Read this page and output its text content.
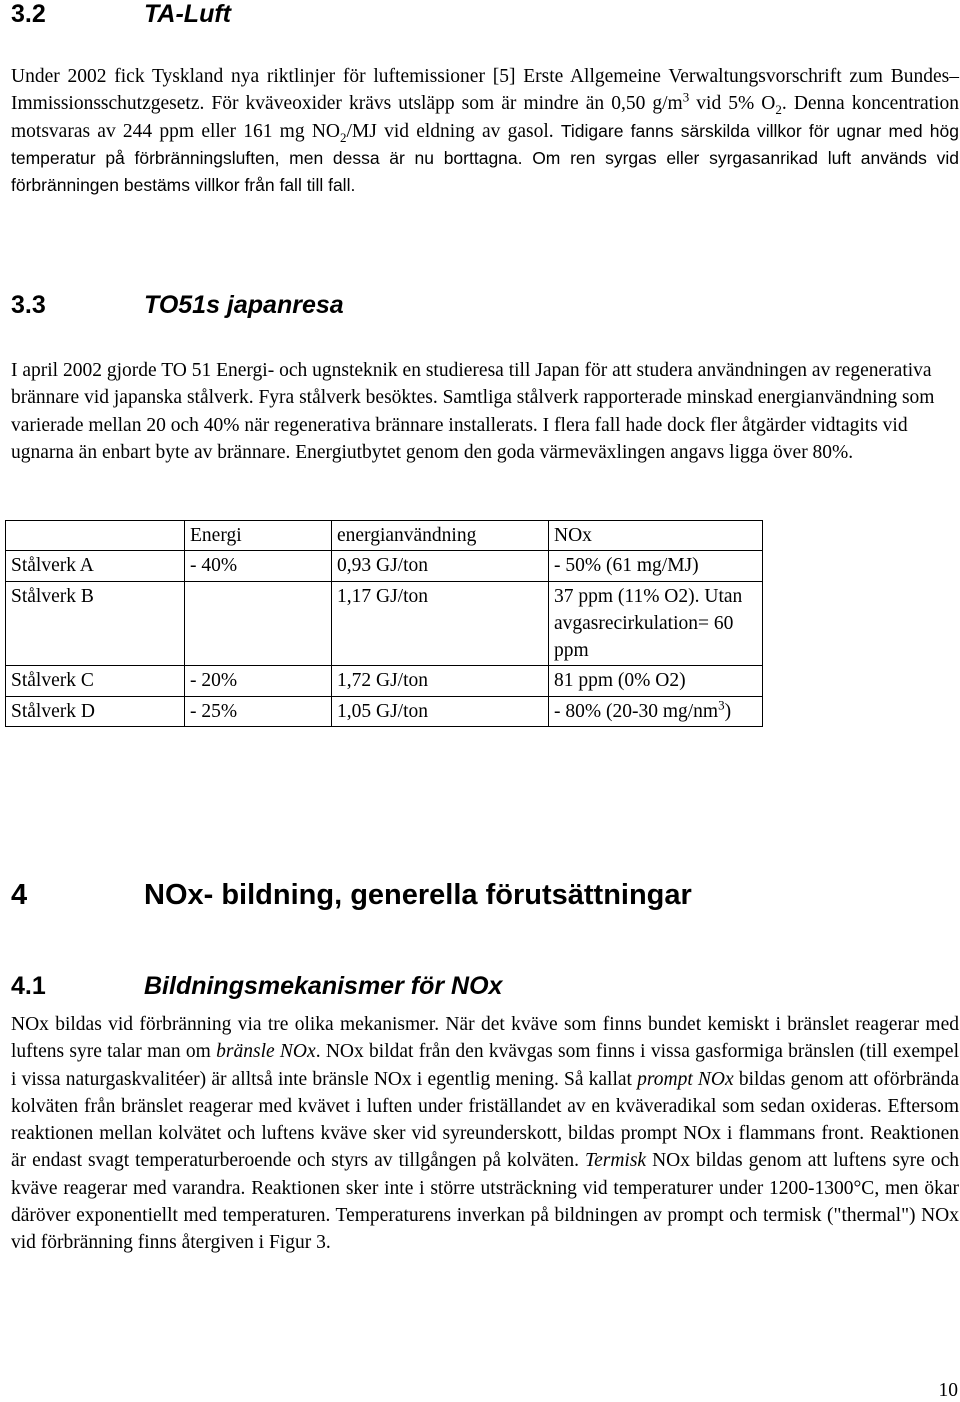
3.2	TA-Luft

Under 2002 fick Tyskland nya riktlinjer för luftemissioner [5] Erste Allgemeine Verwaltungsvorschrift zum Bundes–Immissionsschutzgesetz. För kväveoxider krävs utsläpp som är mindre än 0,50 $g/m^3$ vid 5% $O_2$. Denna koncentration motsvaras av 244 ppm eller 161 mg $NO_2/MJ$ vid eldning av gasol. Tidigare fanns särskilda villkor för ugnar med hög temperatur på förbränningsluften, men dessa är nu borttagna. Om ren syrgas eller syrgasanrikad luft används vid förbränningen bestäms villkor från fall till fall.

3.3	TO51s japanresa

I april 2002 gjorde TO 51 Energi- och ugnsteknik en studieresa till Japan för att studera användningen av regenerativa brännare vid japanska stålverk. Fyra stålverk besöktes. Samtliga stålverk rapporterade minskad energianvändning som varierade mellan 20 och 40% när regenerativa brännare installerats. I flera fall hade dock fler åtgärder vidtagits vid ugnarna än enbart byte av brännare. Energiutbytet genom den goda värmeväxlingen angavs ligga över 80%.

	Energi	energianvändning	NOx
Stålverk A	- 40%	0,93 GJ/ton	- 50% (61 mg/MJ)
Stålverk B		1,17 GJ/ton	37 ppm (11% O2). Utan avgasrecirkulation= 60 ppm
Stålverk C	- 20%	1,72 GJ/ton	81 ppm (0% O2)
Stålverk D	- 25%	1,05 GJ/ton	- 80% (20-30 $mg/nm^3$)
4	NOx- bildning, generella förutsättningar
4.1	Bildningsmekanismer för NOx

NOx bildas vid förbränning via tre olika mekanismer. När det kväve som finns bundet kemiskt i bränslet reagerar med luftens syre talar man om bränsle NOx. NOx bildat från den kvävgas som finns i vissa gasformiga bränslen (till exempel i vissa naturgaskvalitéer) är alltså inte bränsle NOx i egentlig mening. Så kallat prompt NOx bildas genom att oförbrända kolväten från bränslet reagerar med kvävet i luften under friställandet av en kväveradikal som sedan oxideras. Eftersom reaktionen mellan kolvätet och luftens kväve sker vid syreunderskott, bildas prompt NOx i flammans front. Reaktionen är endast svagt temperaturberoende och styrs av tillgången på kolväten. Termisk NOx bildas genom att luftens syre och kväve reagerar med varandra. Reaktionen sker inte i större utsträckning vid temperaturer under 1200-1300°C, men ökar däröver exponentiellt med temperaturen. Temperaturens inverkan på bildningen av prompt och termisk ("thermal") NOx vid förbränning finns återgiven i Figur 3.

10
